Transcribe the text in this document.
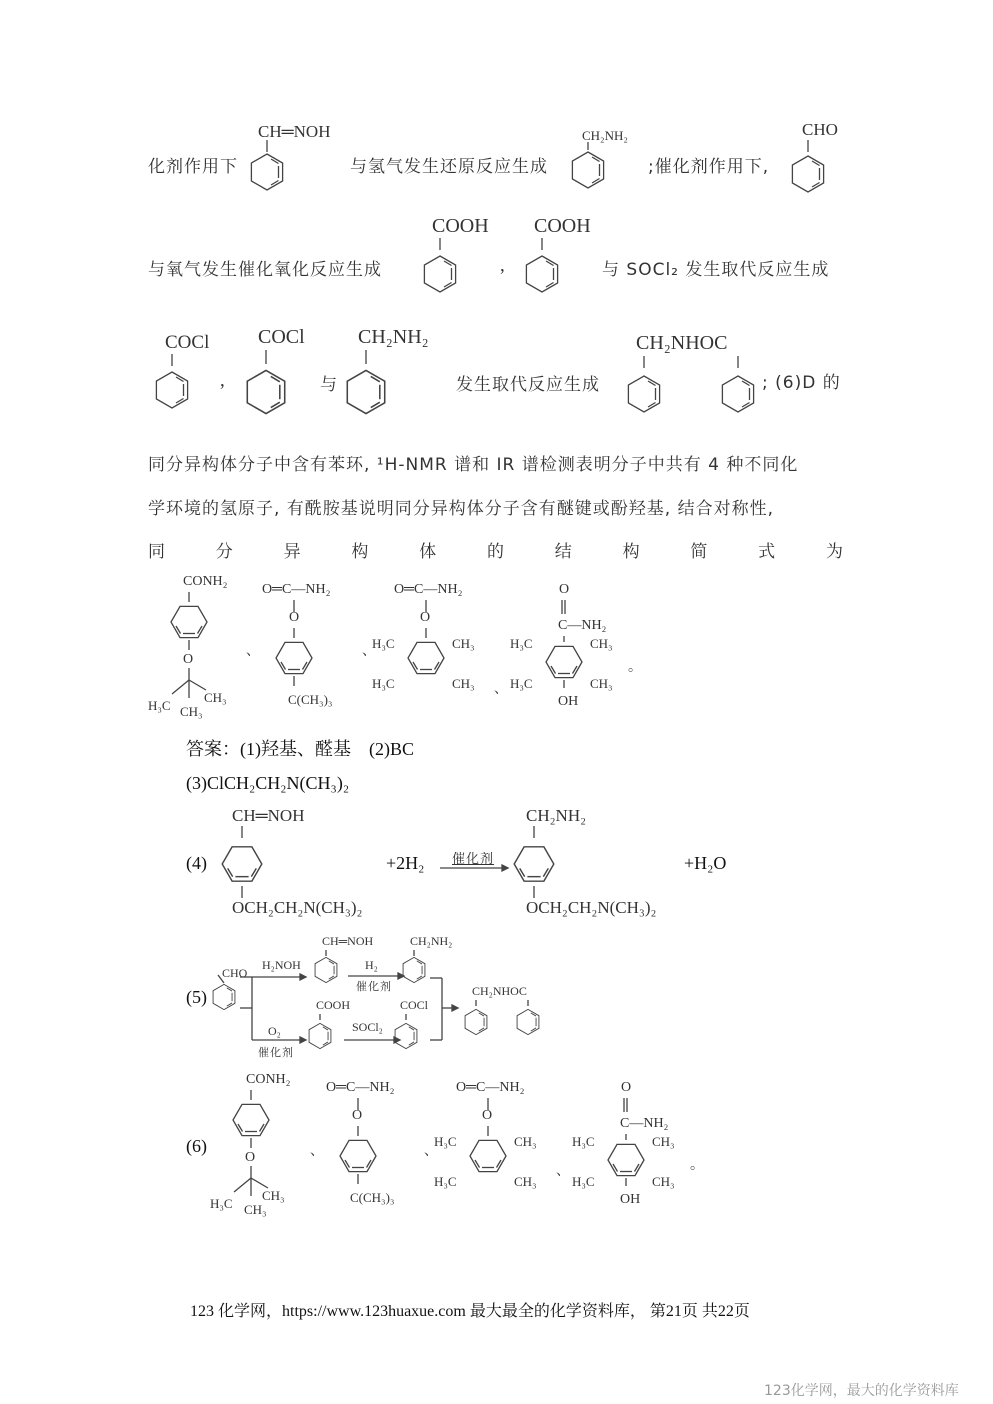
化剂作用下
CH═NOH
与氢气发生还原反应生成
CH₂NH₂
;催化剂作用下,
CHO
与氧气发生催化氧化反应生成
COOH
,
COOH
与 SOCl₂ 发生取代反应生成
COCl
,
COCl
与
CH₂NH₂
发生取代反应生成
CH₂NHOC
; (6)D 的
同分异构体分子中含有苯环, ¹H-NMR 谱和 IR 谱检测表明分子中共有 4 种不同化
学环境的氢原子, 有酰胺基说明同分异构体分子含有醚键或酚羟基, 结合对称性,
同	分	异	构	体	的	结	构	简	式	为
CONH₂
O
H₃C
CH₃
CH₃
、
O═C—NH₂
O
C(CH₃)₃
、
O═C—NH₂
O
H₃C	CH₃
H₃C	CH₃ 、
O
C—NH₂
H₃C	CH₃
H₃C	CH₃
OH
。
答案：(1)羟基、醛基　(2)BC
(3)ClCH₂CH₂N(CH₃)₂
(4)
CH═NOH
OCH₂CH₂N(CH₃)₂
+2H₂ 催化剂
CH₂NH₂
OCH₂CH₂N(CH₃)₂
+H₂O
(5)
CHO
H₂NOH
CH═NOH
H₂
催化剂
CH₂NH₂
O₂
催化剂
COOH
SOCl₂
COCl
CH₂NHOC
(6)
CONH₂
O
H₃C
CH₃
CH₃
、
O═C—NH₂
O
C(CH₃)₃
、
O═C—NH₂
O
H₃C	CH₃
H₃C	CH₃
、
O
C—NH₂
H₃C	CH₃
H₃C	CH₃
OH
。
123 化学网，https://www.123huaxue.com 最大最全的化学资料库， 第21页 共22页
123化学网，最大的化学资料库
